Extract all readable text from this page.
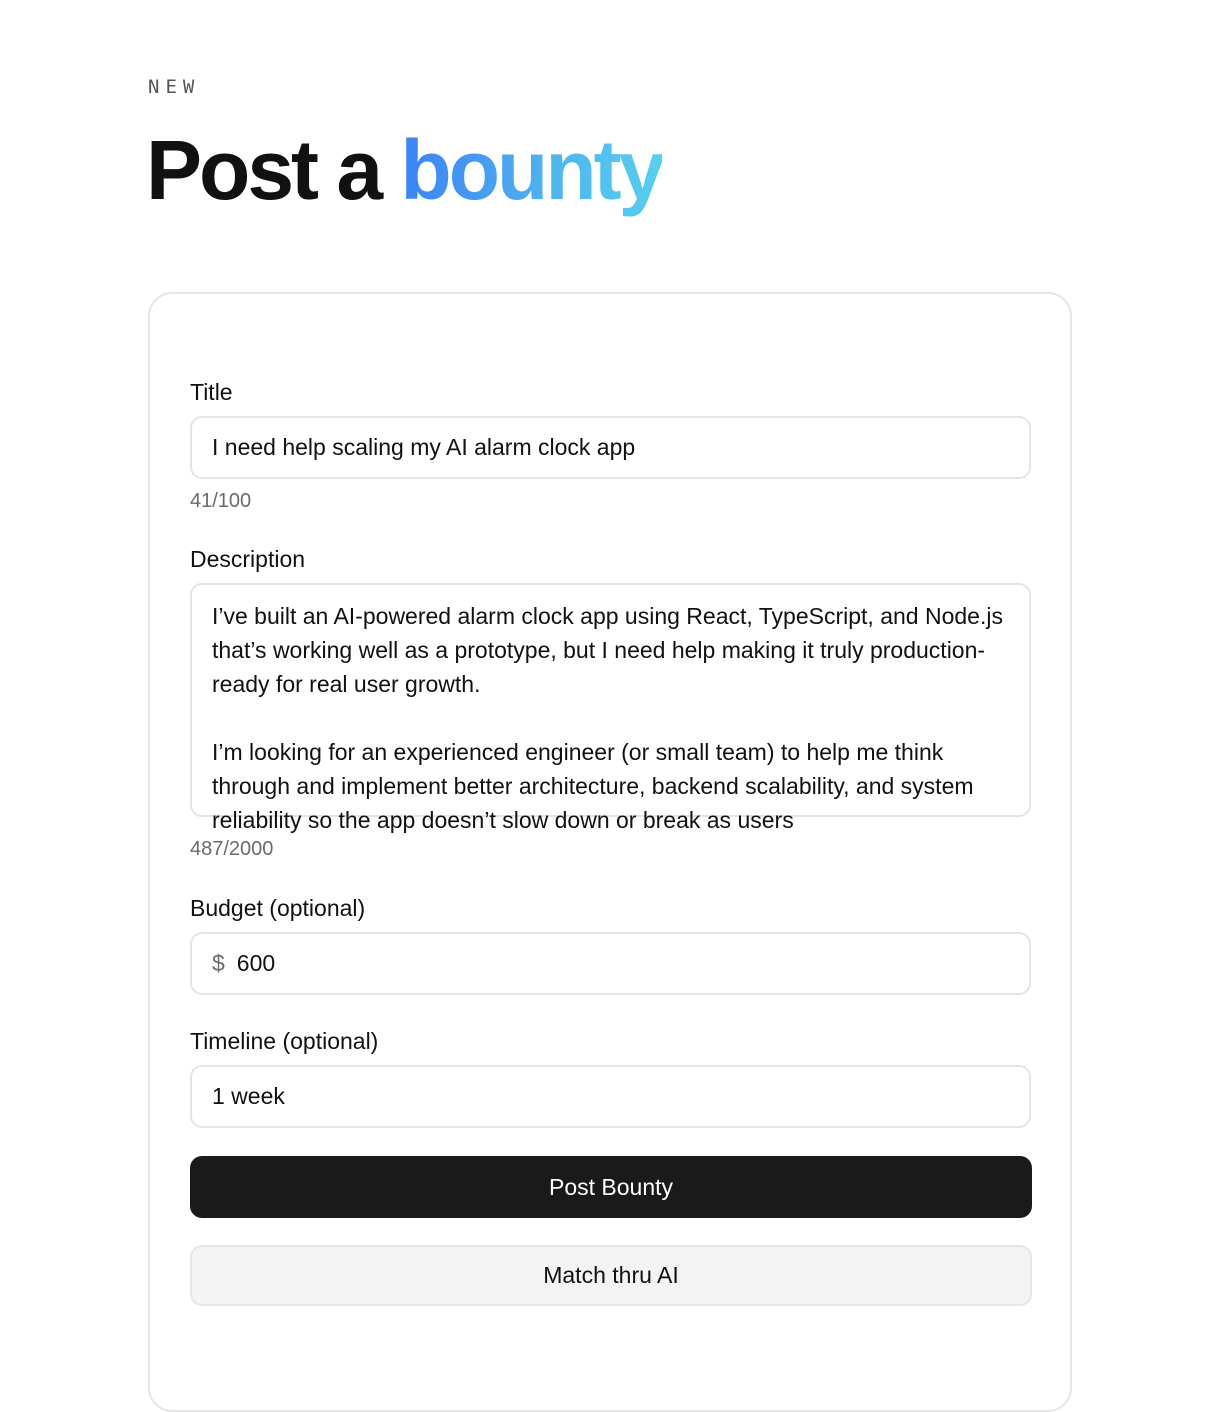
NEW
Post a bounty
Title
I need help scaling my AI alarm clock app
41/100
Description

I’ve built an AI-powered alarm clock app using React, TypeScript, and Node.js that’s working well as a prototype, but I need help making it truly production-ready for real user growth.

I’m looking for an experienced engineer (or small team) to help me think through and implement better architecture, backend scalability, and system reliability so the app doesn’t slow down or break as users

487/2000
Budget (optional)
$ 600
Timeline (optional)
1 week
Post Bounty
Match thru AI
